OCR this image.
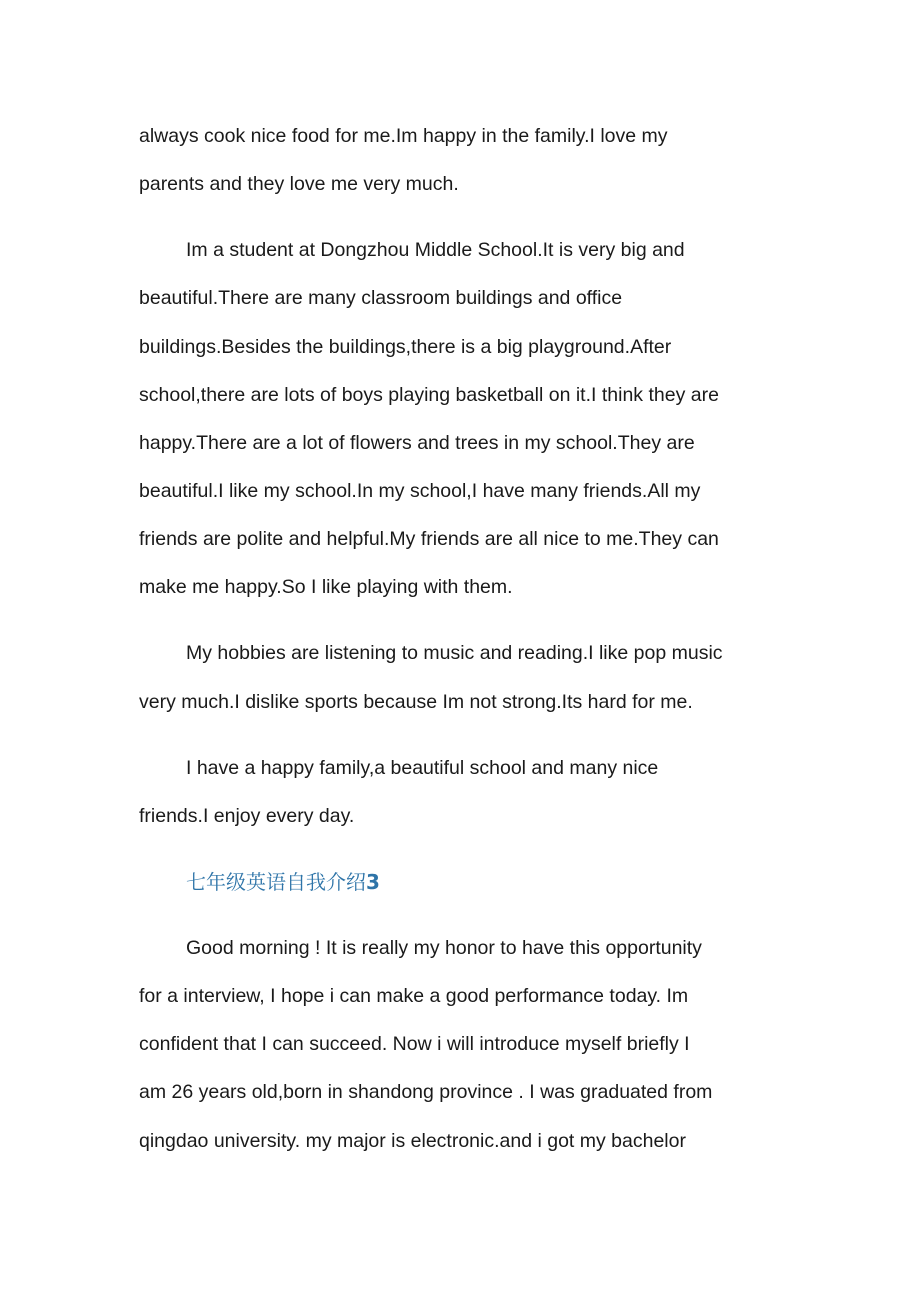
always cook nice food for me.Im happy in the family.I love my
parents and they love me very much.

Im a student at Dongzhou Middle School.It is very big and
beautiful.There are many classroom buildings and office
buildings.Besides the buildings,there is a big playground.After
school,there are lots of boys playing basketball on it.I think they are
happy.There are a lot of flowers and trees in my school.They are
beautiful.I like my school.In my school,I have many friends.All my
friends are polite and helpful.My friends are all nice to me.They can
make me happy.So I like playing with them.

My hobbies are listening to music and reading.I like pop music
very much.I dislike sports because Im not strong.Its hard for me.

I have a happy family,a beautiful school and many nice
friends.I enjoy every day.

七年级英语自我介绍3

Good morning ! It is really my honor to have this opportunity
for a interview, I hope i can make a good performance today. Im
confident that I can succeed. Now i will introduce myself briefly I
am 26 years old,born in shandong province . I was graduated from
qingdao university. my major is electronic.and i got my bachelor
